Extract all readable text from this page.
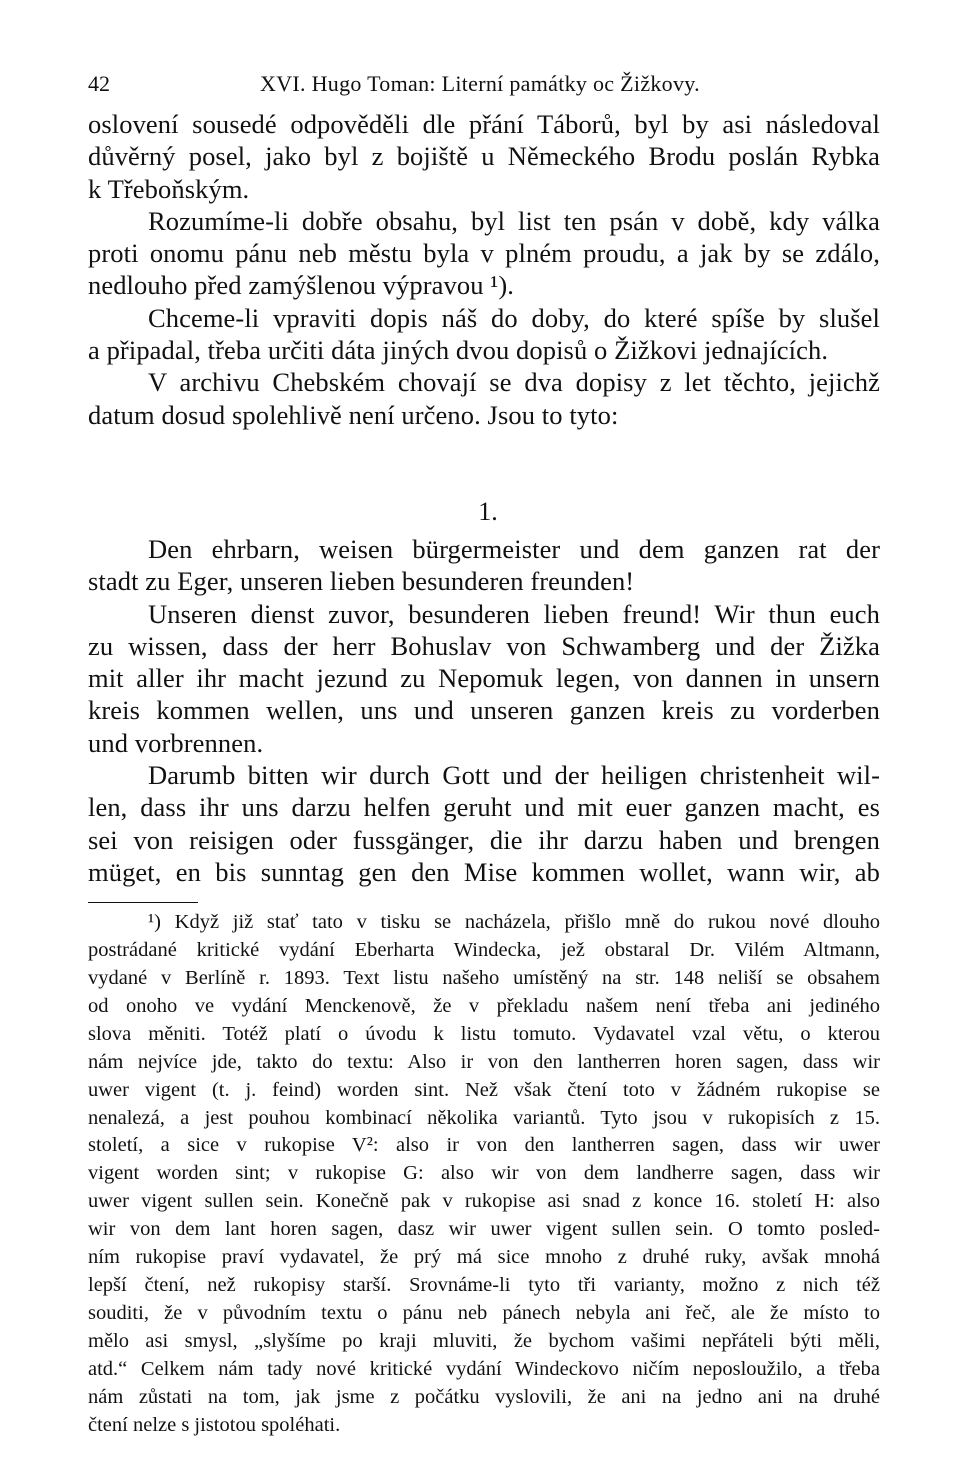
42	XVI. Hugo Toman: Literní památky oc Žižkovy.
oslovení sousedé odpověděli dle přání Táborů, byl by asi následoval
důvěrný posel, jako byl z bojiště u Německého Brodu poslán Rybka
k Třeboňským.
Rozumíme-li dobře obsahu, byl list ten psán v době, kdy válka
proti onomu pánu neb městu byla v plném proudu, a jak by se zdálo,
nedlouho před zamýšlenou výpravou ¹).
Chceme-li vpraviti dopis náš do doby, do které spíše by slušel
a připadal, třeba určiti dáta jiných dvou dopisů o Žižkovi jednajících.
V archivu Chebském chovají se dva dopisy z let těchto, jejichž
datum dosud spolehlivě není určeno. Jsou to tyto:
1.
Den ehrbarn, weisen bürgermeister und dem ganzen rat der
stadt zu Eger, unseren lieben besunderen freunden!
Unseren dienst zuvor, besunderen lieben freund! Wir thun euch
zu wissen, dass der herr Bohuslav von Schwamberg und der Žižka
mit aller ihr macht jezund zu Nepomuk legen, von dannen in unsern
kreis kommen wellen, uns und unseren ganzen kreis zu vorderben
und vorbrennen.
Darumb bitten wir durch Gott und der heiligen christenheit wil-
len, dass ihr uns darzu helfen geruht und mit euer ganzen macht, es
sei von reisigen oder fussgänger, die ihr darzu haben und brengen
müget, en bis sunntag gen den Mise kommen wollet, wann wir, ab
¹) Když již stať tato v tisku se nacházela, přišlo mně do rukou nové dlouho
postrádané kritické vydání Eberharta Windecka, jež obstaral Dr. Vilém Altmann,
vydané v Berlíně r. 1893. Text listu našeho umístěný na str. 148 neliší se obsahem
od onoho ve vydání Menckenově, že v překladu našem není třeba ani jediného
slova měniti. Totéž platí o úvodu k listu tomuto. Vydavatel vzal větu, o kterou
nám nejvíce jde, takto do textu: Also ir von den lantherren horen sagen, dass wir
uwer vigent (t. j. feind) worden sint. Než však čtení toto v žádném rukopise se
nenalezá, a jest pouhou kombinací několika variantů. Tyto jsou v rukopisích z 15.
století, a sice v rukopise V²: also ir von den lantherren sagen, dass wir uwer
vigent worden sint; v rukopise G: also wir von dem landherre sagen, dass wir
uwer vigent sullen sein. Konečně pak v rukopise asi snad z konce 16. století H: also
wir von dem lant horen sagen, dasz wir uwer vigent sullen sein. O tomto posled-
ním rukopise praví vydavatel, že prý má sice mnoho z druhé ruky, avšak mnohá
lepší čtení, než rukopisy starší. Srovnáme-li tyto tři varianty, možno z nich též
souditi, že v původním textu o pánu neb pánech nebyla ani řeč, ale že místo to
mělo asi smysl, „slyšíme po kraji mluviti, že bychom vašimi nepřáteli býti měli,
atd.“ Celkem nám tady nové kritické vydání Windeckovo ničím neposloužilo, a třeba
nám zůstati na tom, jak jsme z počátku vyslovili, že ani na jedno ani na druhé
čtení nelze s jistotou spoléhati.
